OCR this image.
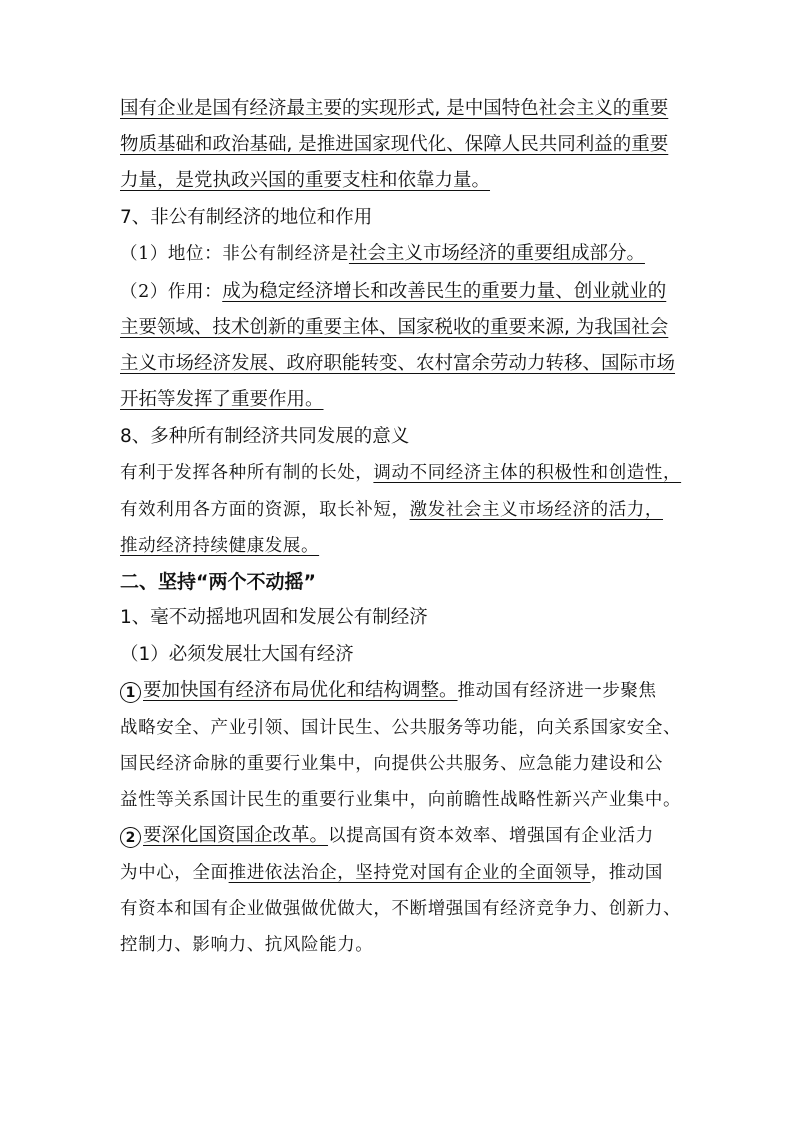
国有企业是国有经济最主要的实现形式, 是中国特色社会主义的重要
物质基础和政治基础, 是推进国家现代化、保障人民共同利益的重要
力量，是党执政兴国的重要支柱和依靠力量。
7、非公有制经济的地位和作用
（1）地位：非公有制经济是社会主义市场经济的重要组成部分。
（2）作用：成为稳定经济增长和改善民生的重要力量、创业就业的
主要领域、技术创新的重要主体、国家税收的重要来源, 为我国社会
主义市场经济发展、政府职能转变、农村富余劳动力转移、国际市场
开拓等发挥了重要作用。
8、多种所有制经济共同发展的意义
有利于发挥各种所有制的长处，调动不同经济主体的积极性和创造性，
有效利用各方面的资源，取长补短，激发社会主义市场经济的活力，
推动经济持续健康发展。
二、坚持“两个不动摇”
1、毫不动摇地巩固和发展公有制经济
（1）必须发展壮大国有经济
1 要加快国有经济布局优化和结构调整。推动国有经济进一步聚焦
战略安全、产业引领、国计民生、公共服务等功能，向关系国家安全、
国民经济命脉的重要行业集中，向提供公共服务、应急能力建设和公
益性等关系国计民生的重要行业集中，向前瞻性战略性新兴产业集中。
2 要深化国资国企改革。以提高国有资本效率、增强国有企业活力
为中心，全面推进依法治企，坚持党对国有企业的全面领导，推动国
有资本和国有企业做强做优做大，不断增强国有经济竞争力、创新力、
控制力、影响力、抗风险能力。
